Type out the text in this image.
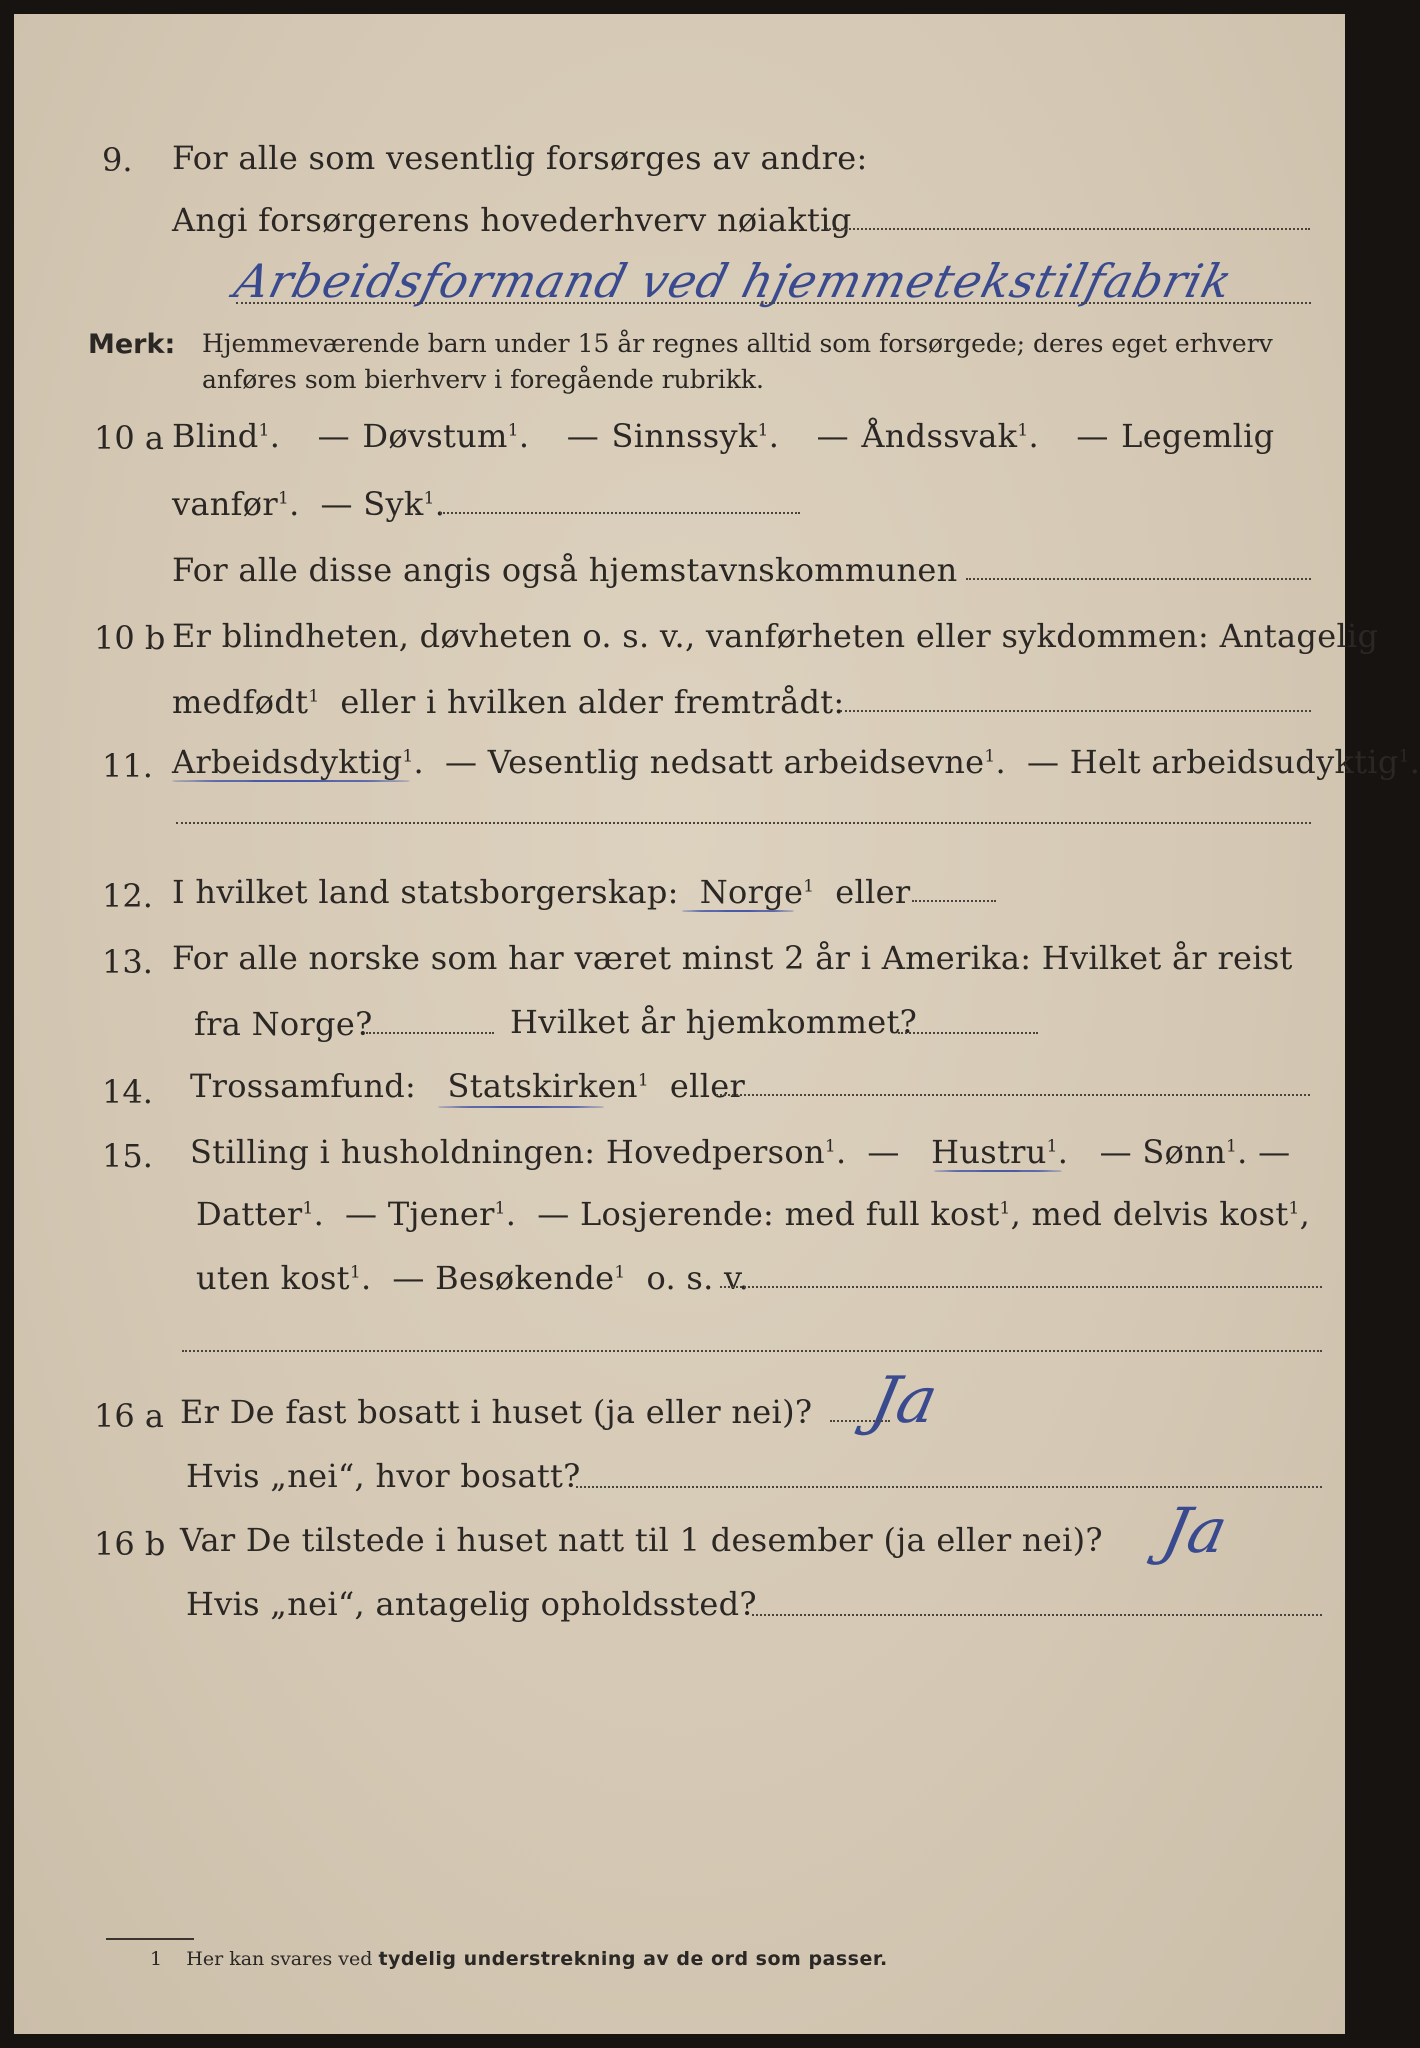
9. For alle som vesentlig forsørges av andre:
Angi forsørgerens hovederhverv nøiaktig
Arbeidsformand ved hjemmetekstilfabrik
Merk: Hjemmeværende barn under 15 år regnes alltid som forsørgede; deres eget erhverv
anføres som bierhverv i foregående rubrikk.
10 a Blind$^1$.   — Døvstum$^1$.   — Sinnssyk$^1$.   — Åndssvak$^1$.   — Legemlig
vanfør$^1$.  — Syk$^1$.
For alle disse angis også hjemstavnskommunen
10 b Er blindheten, døvheten o. s. v., vanførheten eller sykdommen: Antagelig
medfødt$^1$ eller i hvilken alder fremtrådt:
11. Arbeidsdyktig$^1$.  — Vesentlig nedsatt arbeidsevne$^1$.  — Helt arbeidsudyktig$^1$.
12. I hvilket land statsborgerskap: Norge$^1$ eller
13. For alle norske som har været minst 2 år i Amerika: Hvilket år reist
fra Norge?	Hvilket år hjemkommet?
14. Trossamfund: Statskirken$^1$ eller
15. Stilling i husholdningen: Hovedperson$^1$.  —   Hustru$^1$.   — Sønn$^1$. —
Datter$^1$.  — Tjener$^1$.  — Losjerende: med full kost$^1$, med delvis kost$^1$,
uten kost$^1$.  — Besøkende$^1$ o. s. v.
16 a Er De fast bosatt i huset (ja eller nei)? Ja
Hvis „nei“, hvor bosatt?
16 b Var De tilstede i huset natt til 1 desember (ja eller nei)? Ja
Hvis „nei“, antagelig opholdssted?
1 Her kan svares ved tydelig understrekning av de ord som passer.
